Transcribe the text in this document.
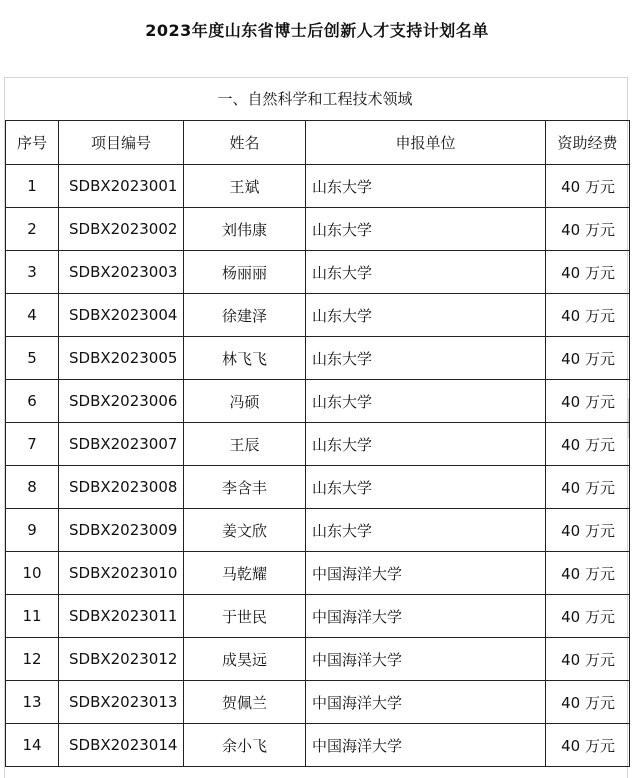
2023年度山东省博士后创新人才支持计划名单
一、自然科学和工程技术领域
序号	项目编号	姓名	申报单位	资助经费
1	SDBX2023001	王斌	山东大学	40 万元
2	SDBX2023002	刘伟康	山东大学	40 万元
3	SDBX2023003	杨丽丽	山东大学	40 万元
4	SDBX2023004	徐建泽	山东大学	40 万元
5	SDBX2023005	林飞飞	山东大学	40 万元
6	SDBX2023006	冯硕	山东大学	40 万元
7	SDBX2023007	王辰	山东大学	40 万元
8	SDBX2023008	李含丰	山东大学	40 万元
9	SDBX2023009	姜文欣	山东大学	40 万元
10	SDBX2023010	马乾耀	中国海洋大学	40 万元
11	SDBX2023011	于世民	中国海洋大学	40 万元
12	SDBX2023012	成昊远	中国海洋大学	40 万元
13	SDBX2023013	贺佩兰	中国海洋大学	40 万元
14	SDBX2023014	余小飞	中国海洋大学	40 万元
